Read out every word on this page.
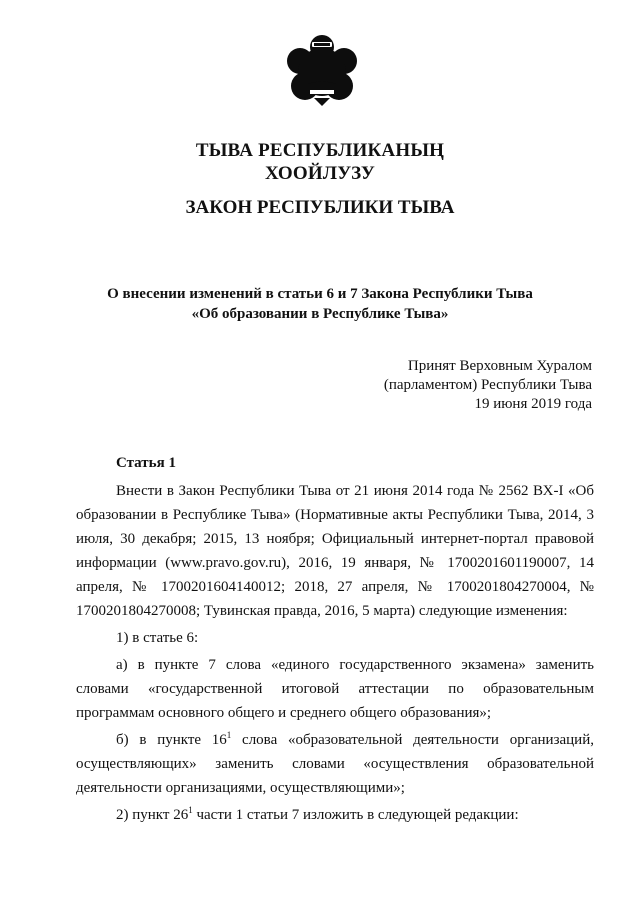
ТЫВА РЕСПУБЛИКАНЫҢ
ХООЙЛУЗУ
ЗАКОН РЕСПУБЛИКИ ТЫВА
О внесении изменений в статьи 6 и 7 Закона Республики Тыва
«Об образовании в Республике Тыва»
Принят Верховным Хуралом
(парламентом) Республики Тыва
19 июня 2019 года
Статья 1

Внести в Закон Республики Тыва от 21 июня 2014 года № 2562 ВХ-I «Об образовании в Республике Тыва» (Нормативные акты Республики Тыва, 2014, 3 июля, 30 декабря; 2015, 13 ноября; Официальный интернет-портал правовой информации (www.pravo.gov.ru), 2016, 19 января, № 1700201601190007, 14 апреля, № 1700201604140012; 2018, 27 апреля, № 1700201804270004, № 1700201804270008; Тувинская правда, 2016, 5 марта) следующие изменения:

1) в статье 6:

а) в пункте 7 слова «единого государственного экзамена» заменить словами «государственной итоговой аттестации по образовательным программам основного общего и среднего общего образования»;

б) в пункте $16^1$ слова «образовательной деятельности организаций, осуществляющих» заменить словами «осуществления образовательной деятельности организациями, осуществляющими»;

2) пункт $26^1$ части 1 статьи 7 изложить в следующей редакции:
